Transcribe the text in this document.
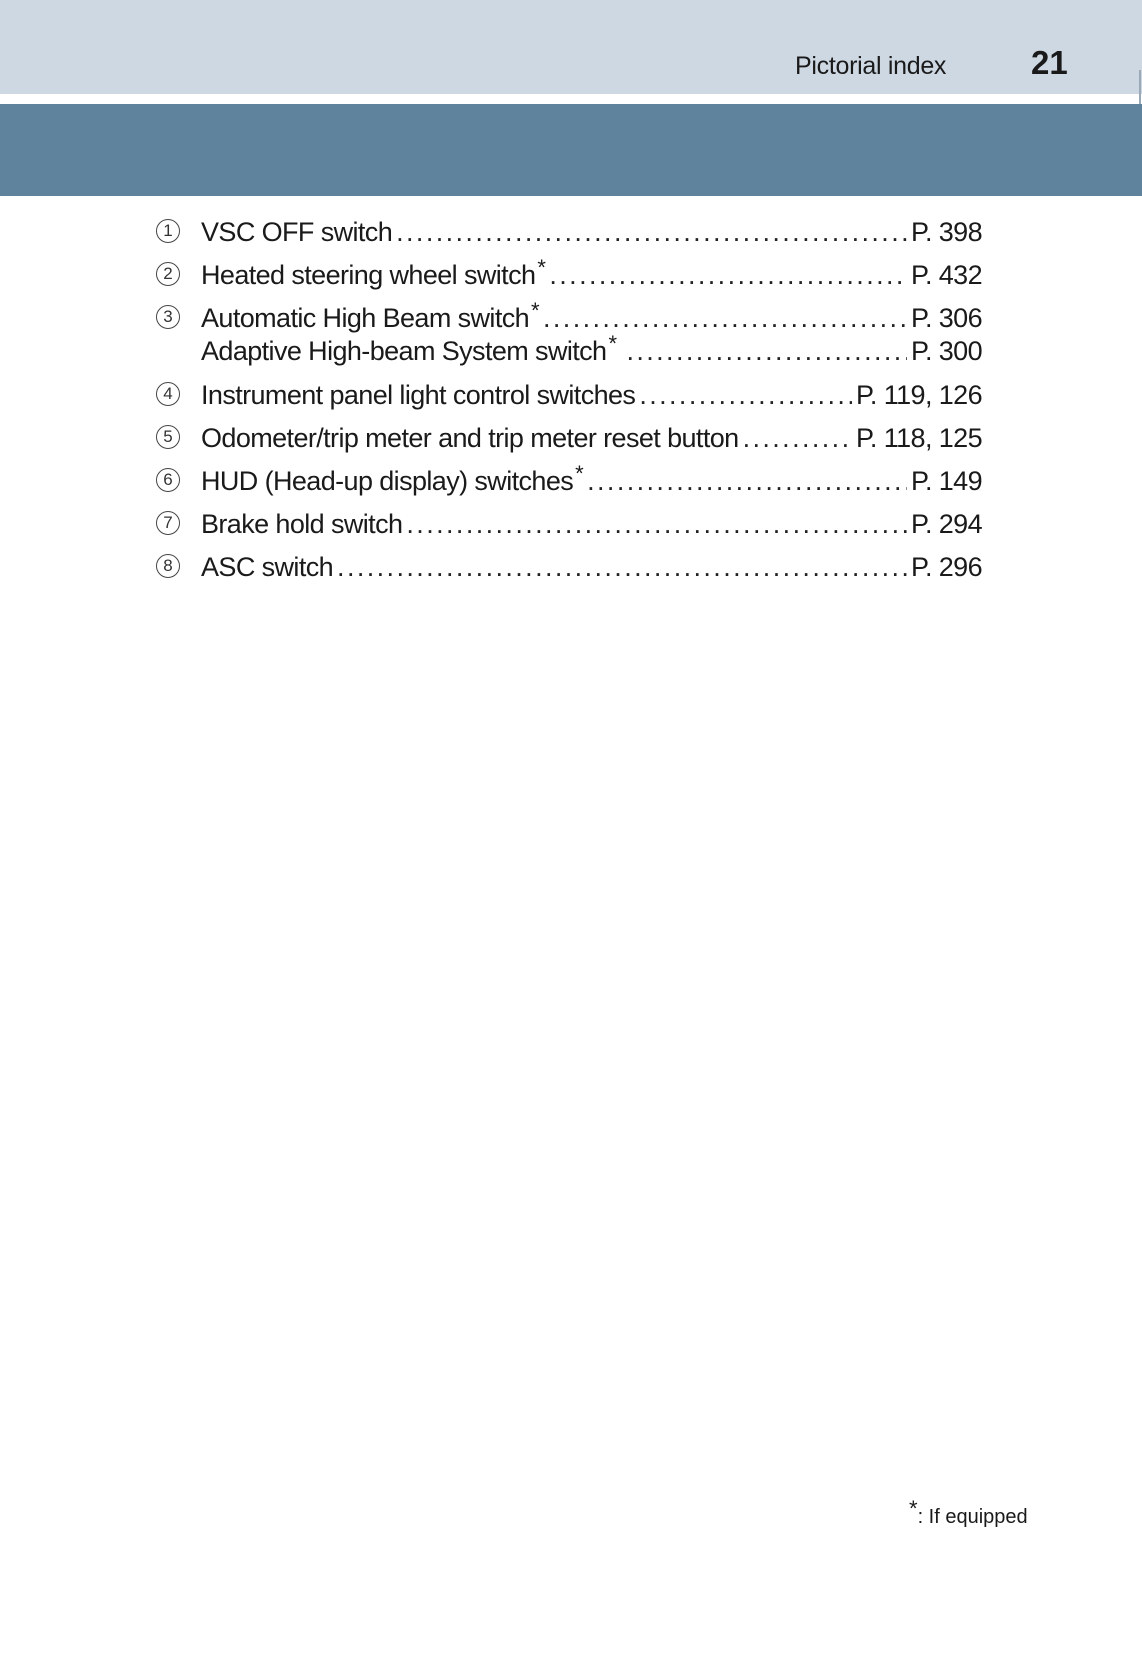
Pictorial index	21
1 VSC OFF switch .....	P. 398
2 Heated steering wheel switch * .....	P. 432
3 Automatic High Beam switch * .....	P. 306
Adaptive High-beam System switch * .....	P. 300
4 Instrument panel light control switches .....	P. 119, 126
5 Odometer/trip meter and trip meter reset button .....	P. 118, 125
6 HUD (Head-up display) switches * .....	P. 149
7 Brake hold switch .....	P. 294
8 ASC switch .....	P. 296
*: If equipped
